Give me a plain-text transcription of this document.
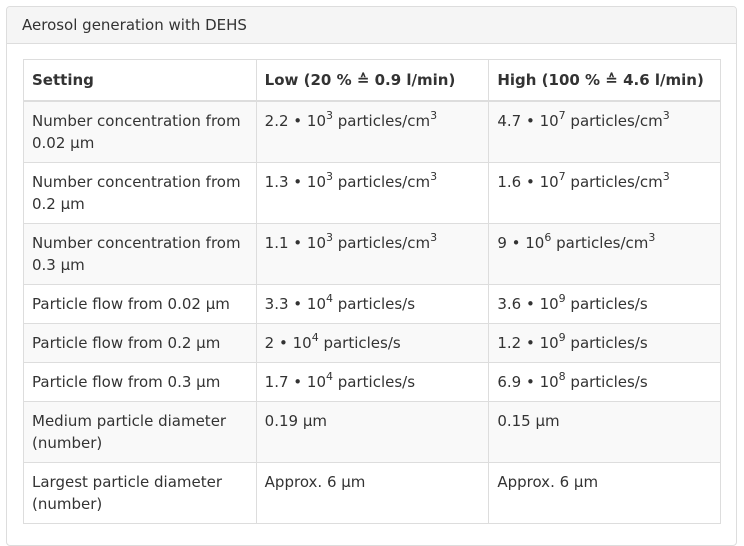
Aerosol generation with DEHS
Setting	Low (20 % ≙ 0.9 l/min)	High (100 % ≙ 4.6 l/min)
Number concentration from 0.02 µm	2.2 • $10^3$ particles/$cm^3$	4.7 • $10^7$ particles/$cm^3$
Number concentration from 0.2 µm	1.3 • $10^3$ particles/$cm^3$	1.6 • $10^7$ particles/$cm^3$
Number concentration from 0.3 µm	1.1 • $10^3$ particles/$cm^3$	9 • $10^6$ particles/$cm^3$
Particle flow from 0.02 µm	3.3 • $10^4$ particles/s	3.6 • $10^9$ particles/s
Particle flow from 0.2 µm	2 • $10^4$ particles/s	1.2 • $10^9$ particles/s
Particle flow from 0.3 µm	1.7 • $10^4$ particles/s	6.9 • $10^8$ particles/s
Medium particle diameter (number)	0.19 µm	0.15 µm
Largest particle diameter (number)	Approx. 6 µm	Approx. 6 µm
